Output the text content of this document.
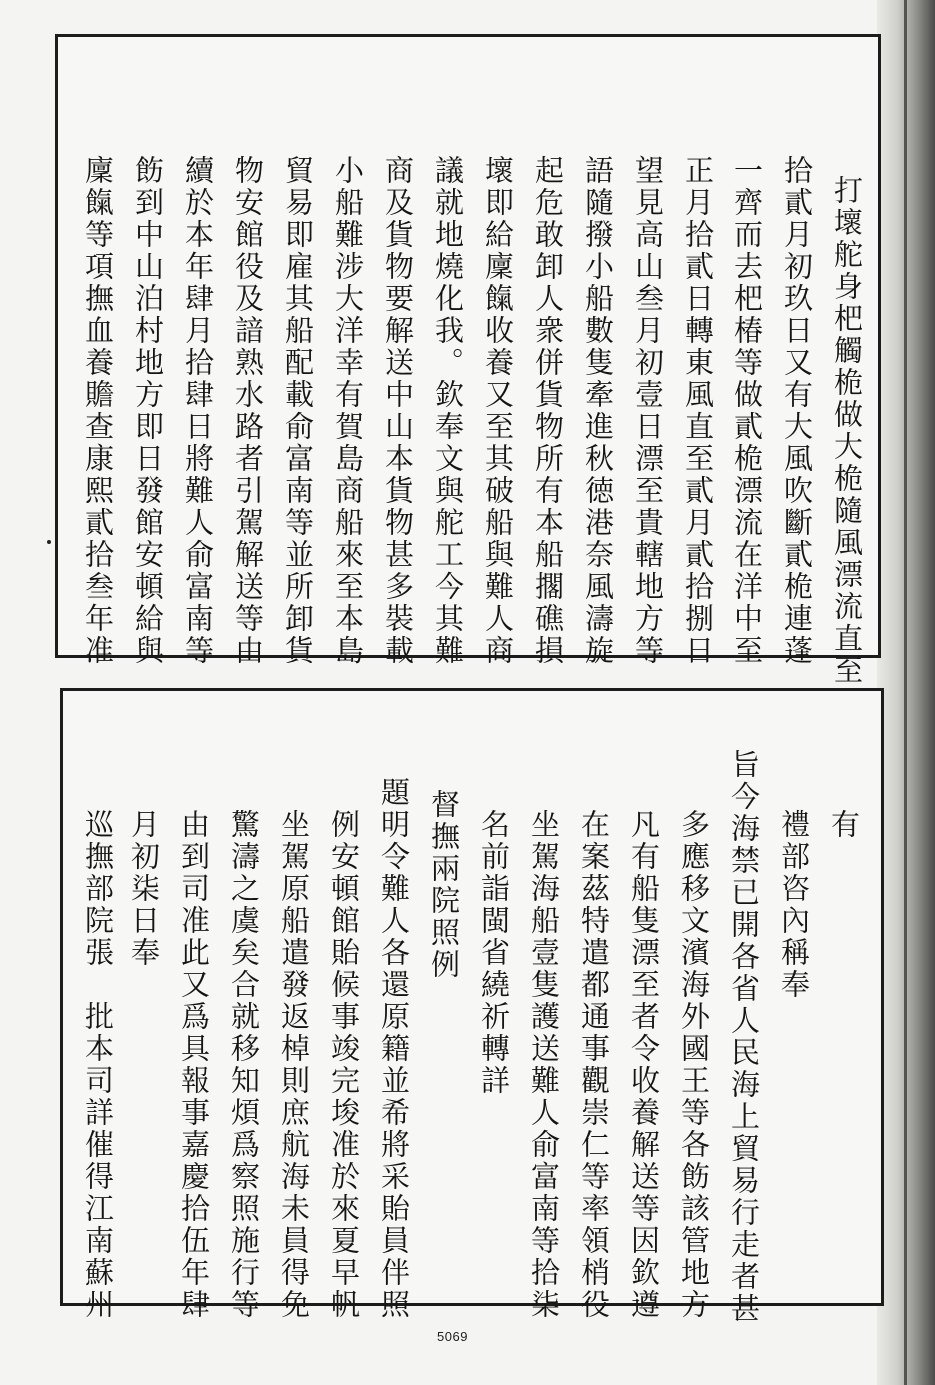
打壞舵身杷觸桅做大桅隨風漂流直至
拾貳月初玖日又有大風吹斷貳桅連蓬
一齊而去杷椿等做貳桅漂流在洋中至
正月拾貳日轉東風直至貳月貳拾捌日
望見高山叁月初壹日漂至貴轄地方等
語隨撥小船數隻牽進秋徳港奈風濤旋
起危敢卸人衆併貨物所有本船擱礁損
壞即給廩餼收養又至其破船與難人商
議就地燒化我。欽奉文與舵工今其難
商及貨物要解送中山本貨物甚多裝載
小船難涉大洋幸有賀島商船來至本島
貿易即雇其船配載俞富南等並所卸貨
物安館役及諳熟水路者引駕解送等由
續於本年肆月拾肆日將難人俞富南等
飭到中山泊村地方即日發館安頓給與
廩餼等項撫血養贍查康熙貳拾叁年准
有
禮部咨內稱奉
旨今海禁已開各省人民海上貿易行走者甚
多應移文濱海外國王等各飭該管地方
凡有船隻漂至者令收養解送等因欽遵
在案茲特遣都通事觀崇仁等率領梢役
坐駕海船壹隻護送難人俞富南等拾柒
名前詣閩省繞祈轉詳
督撫兩院照例
題明令難人各還原籍並希將采貽員伴照
例安頓館貽候事竣完埈准於來夏早帆
坐駕原船遣發返棹則庶航海未員得免
驚濤之虞矣合就移知煩爲察照施行等
由到司准此又爲具報事嘉慶拾伍年肆
月初柒日奉
巡撫部院張　批本司詳催得江南蘇州
5069
